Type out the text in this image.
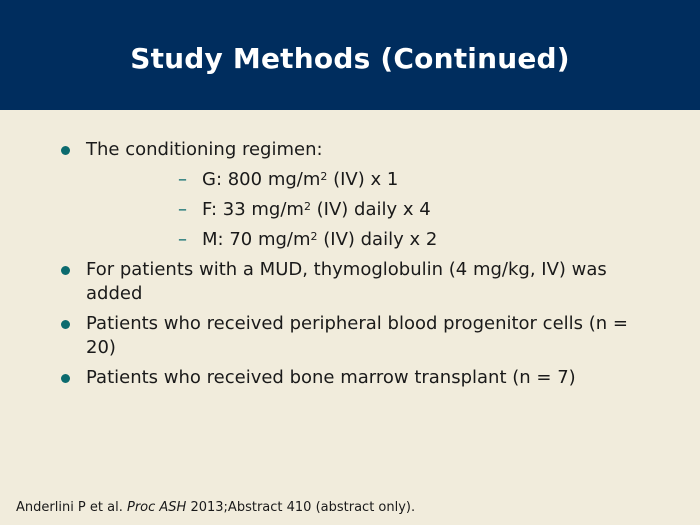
Study Methods (Continued)
The conditioning regimen:
– G: 800 $mg/m^2$ (IV) x 1
– F: 33 $mg/m^2$ (IV) daily x 4
– M: 70 $mg/m^2$ (IV) daily x 2
For patients with a MUD, thymoglobulin (4 mg/kg, IV) was added
Patients who received peripheral blood progenitor cells (n = 20)
Patients who received bone marrow transplant (n = 7)
Anderlini P et al. Proc ASH 2013;Abstract 410 (abstract only).
